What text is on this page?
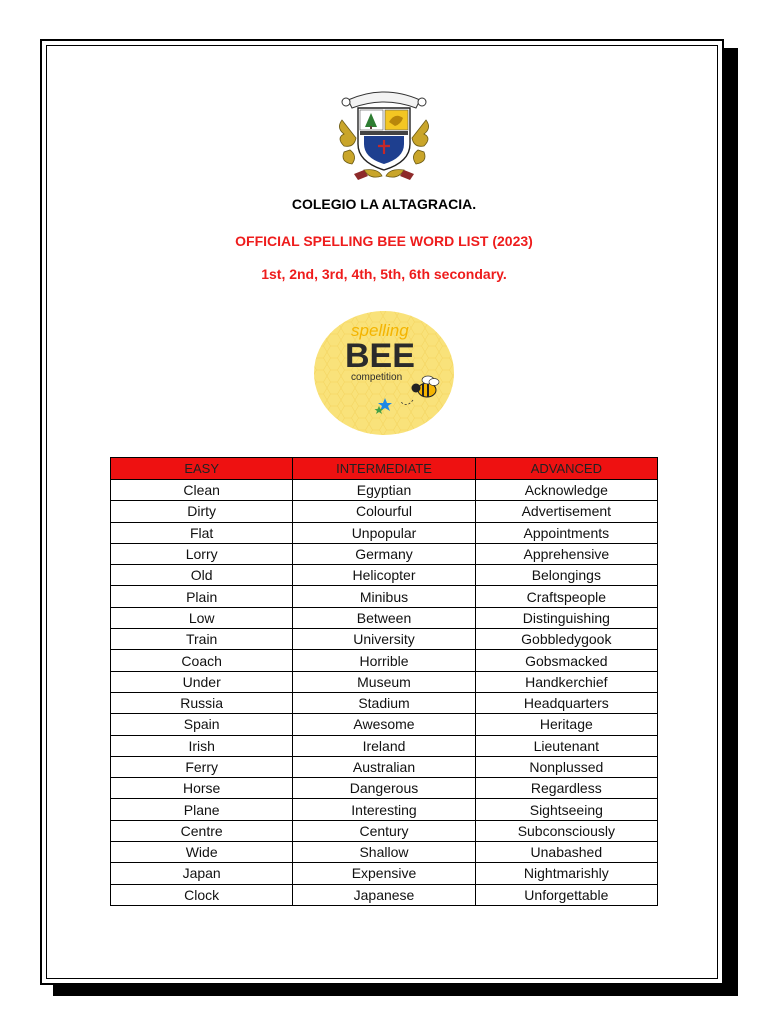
COLEGIO LA ALTAGRACIA.
OFFICIAL SPELLING BEE WORD LIST (2023)
1st, 2nd, 3rd, 4th, 5th, 6th secondary.
spelling
BEE
competition
EASY	INTERMEDIATE	ADVANCED
Clean	Egyptian	Acknowledge
Dirty	Colourful	Advertisement
Flat	Unpopular	Appointments
Lorry	Germany	Apprehensive
Old	Helicopter	Belongings
Plain	Minibus	Craftspeople
Low	Between	Distinguishing
Train	University	Gobbledygook
Coach	Horrible	Gobsmacked
Under	Museum	Handkerchief
Russia	Stadium	Headquarters
Spain	Awesome	Heritage
Irish	Ireland	Lieutenant
Ferry	Australian	Nonplussed
Horse	Dangerous	Regardless
Plane	Interesting	Sightseeing
Centre	Century	Subconsciously
Wide	Shallow	Unabashed
Japan	Expensive	Nightmarishly
Clock	Japanese	Unforgettable
